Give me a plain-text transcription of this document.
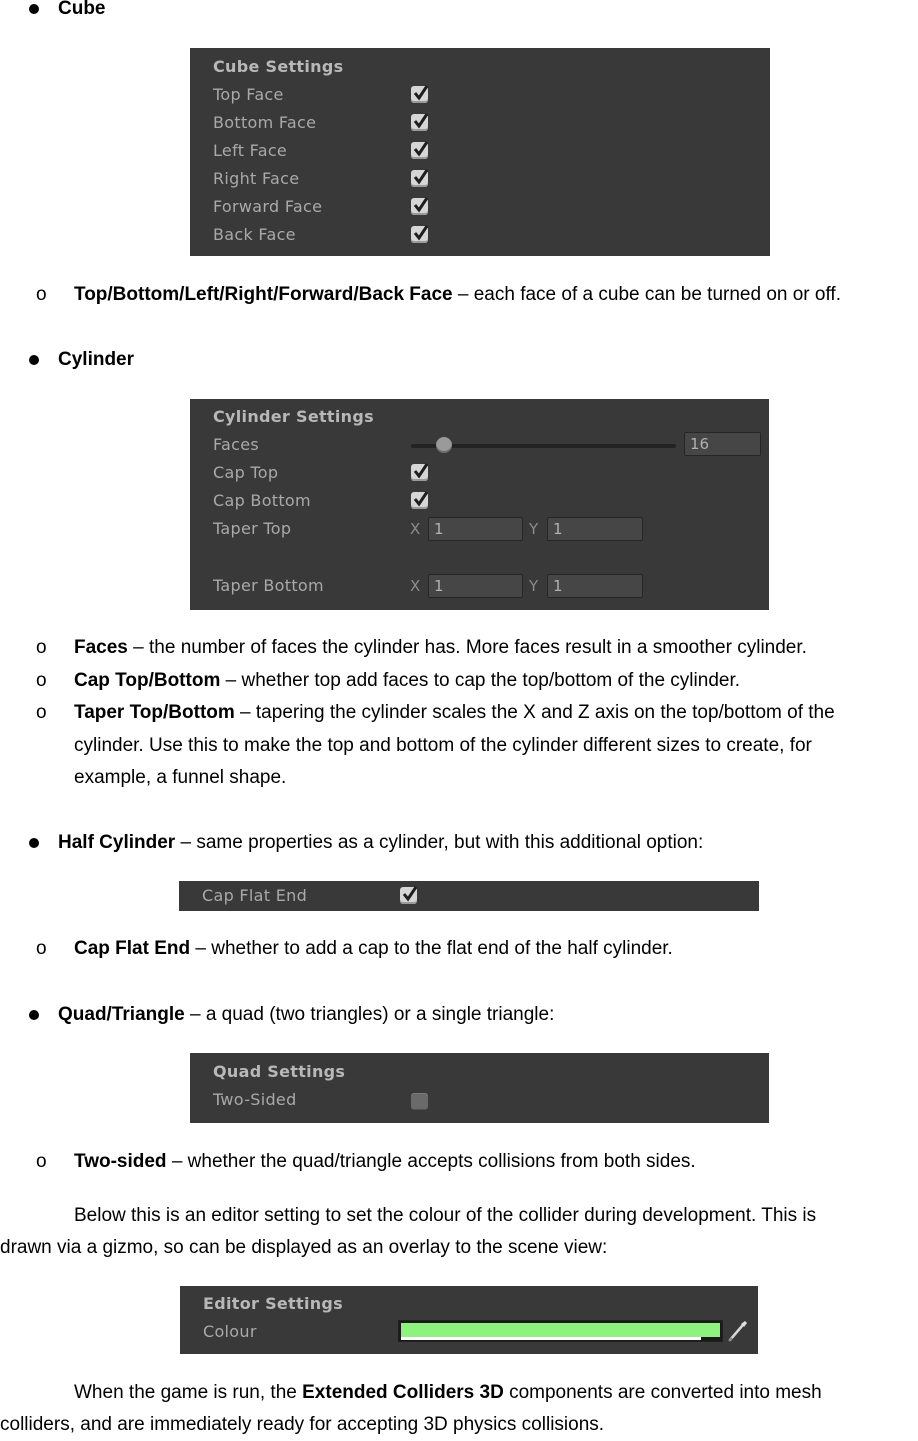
Cube
Cube Settings
Top Face
Bottom Face
Left Face
Right Face
Forward Face
Back Face
o Top/Bottom/Left/Right/Forward/Back Face – each face of a cube can be turned on or off.
Cylinder
Cylinder Settings
Faces	16
Cap Top
Cap Bottom
Taper Top	X 1	Y 1
Taper Bottom	X 1	Y 1
o Faces – the number of faces the cylinder has. More faces result in a smoother cylinder.
o Cap Top/Bottom – whether top add faces to cap the top/bottom of the cylinder.
o Taper Top/Bottom – tapering the cylinder scales the X and Z axis on the top/bottom of the
cylinder. Use this to make the top and bottom of the cylinder different sizes to create, for
example, a funnel shape.
Half Cylinder – same properties as a cylinder, but with this additional option:
Cap Flat End
o Cap Flat End – whether to add a cap to the flat end of the half cylinder.
Quad/Triangle – a quad (two triangles) or a single triangle:
Quad Settings
Two-Sided
o Two-sided – whether the quad/triangle accepts collisions from both sides.
Below this is an editor setting to set the colour of the collider during development. This is
drawn via a gizmo, so can be displayed as an overlay to the scene view:
Editor Settings
Colour
When the game is run, the Extended Colliders 3D components are converted into mesh
colliders, and are immediately ready for accepting 3D physics collisions.
